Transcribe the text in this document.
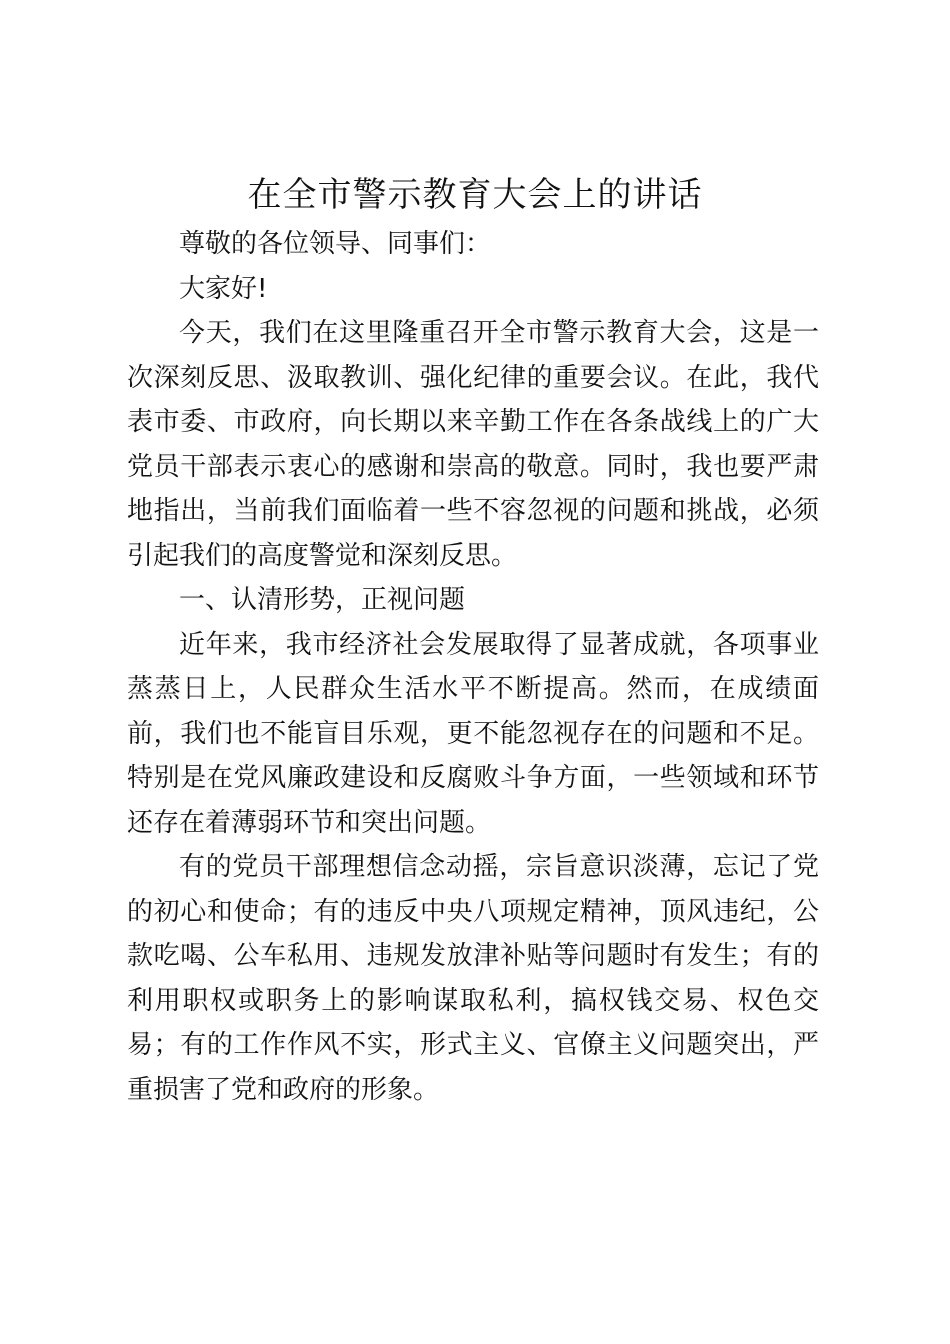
在全市警示教育大会上的讲话

尊敬的各位领导、同事们：

大家好!

今天，我们在这里隆重召开全市警示教育大会，这是一次深刻反思、汲取教训、强化纪律的重要会议。在此，我代表市委、市政府，向长期以来辛勤工作在各条战线上的广大党员干部表示衷心的感谢和崇高的敬意。同时，我也要严肃地指出，当前我们面临着一些不容忽视的问题和挑战，必须引起我们的高度警觉和深刻反思。

一、认清形势，正视问题

近年来，我市经济社会发展取得了显著成就，各项事业蒸蒸日上，人民群众生活水平不断提高。然而，在成绩面前，我们也不能盲目乐观，更不能忽视存在的问题和不足。特别是在党风廉政建设和反腐败斗争方面，一些领域和环节还存在着薄弱环节和突出问题。

有的党员干部理想信念动摇，宗旨意识淡薄，忘记了党的初心和使命；有的违反中央八项规定精神，顶风违纪，公款吃喝、公车私用、违规发放津补贴等问题时有发生；有的利用职权或职务上的影响谋取私利，搞权钱交易、权色交易；有的工作作风不实，形式主义、官僚主义问题突出，严重损害了党和政府的形象。
